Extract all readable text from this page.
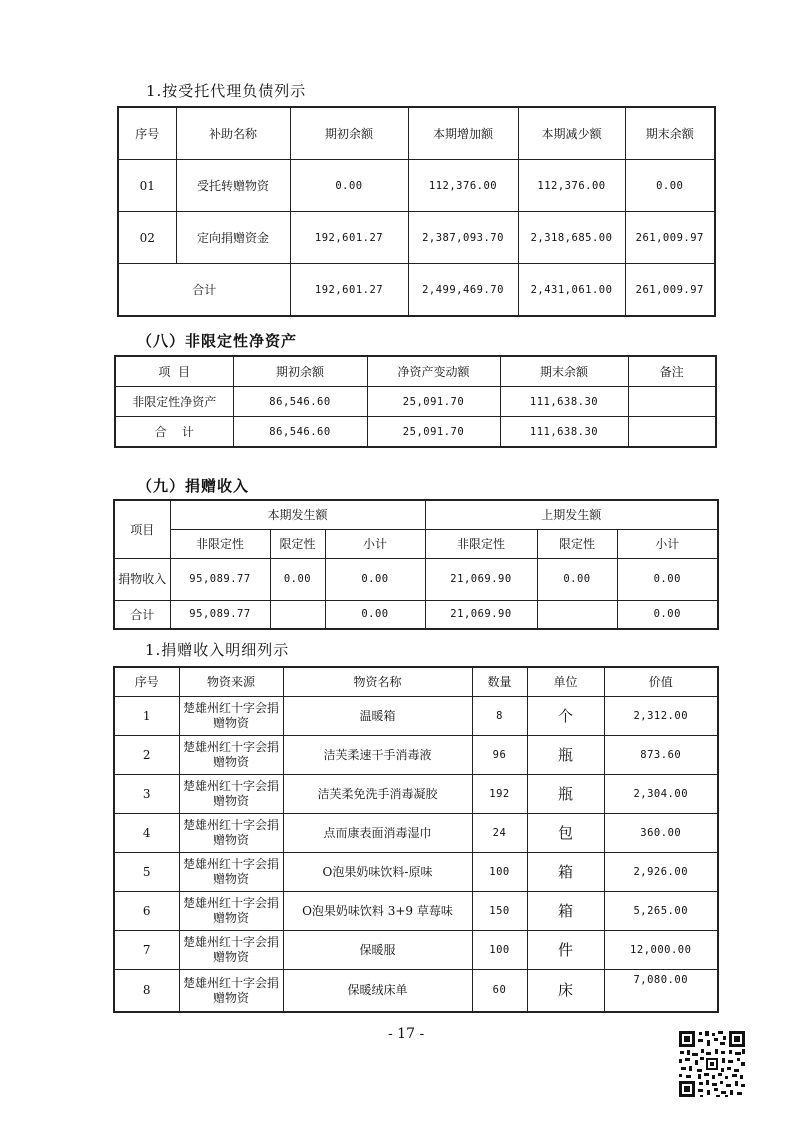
1.按受托代理负债列示
序号	补助名称	期初余额	本期增加额	本期减少额	期末余额
01	受托转赠物资	0.00	112,376.00	112,376.00	0.00
02	定向捐赠资金	192,601.27	2,387,093.70	2,318,685.00	261,009.97
合计		192,601.27	2,499,469.70	2,431,061.00	261,009.97
（八）非限定性净资产
项  目	期初余额	净资产变动额	期末余额	备注
非限定性净资产	86,546.60	25,091.70	111,638.30	
合    计	86,546.60	25,091.70	111,638.30	
（九）捐赠收入
项目	本期发生额			上期发生额		
	非限定性	限定性	小计	非限定性	限定性	小计
捐物收入	95,089.77	0.00	0.00	21,069.90	0.00	0.00
合计	95,089.77		0.00	21,069.90		0.00
1.捐赠收入明细列示
序号	物资来源	物资名称	数量	单位	价值
1	楚雄州红十字会捐赠物资	温暖箱	8	个	2,312.00
2	楚雄州红十字会捐赠物资	洁芙柔速干手消毒液	96	瓶	873.60
3	楚雄州红十字会捐赠物资	洁芙柔免洗手消毒凝胶	192	瓶	2,304.00
4	楚雄州红十字会捐赠物资	点而康表面消毒湿巾	24	包	360.00
5	楚雄州红十字会捐赠物资	O泡果奶味饮料-原味	100	箱	2,926.00
6	楚雄州红十字会捐赠物资	O泡果奶味饮料 3+9 草莓味	150	箱	5,265.00
7	楚雄州红十字会捐赠物资	保暖服	100	件	12,000.00
8	楚雄州红十字会捐赠物资	保暖绒床单	60	床	7,080.00
- 17 -
